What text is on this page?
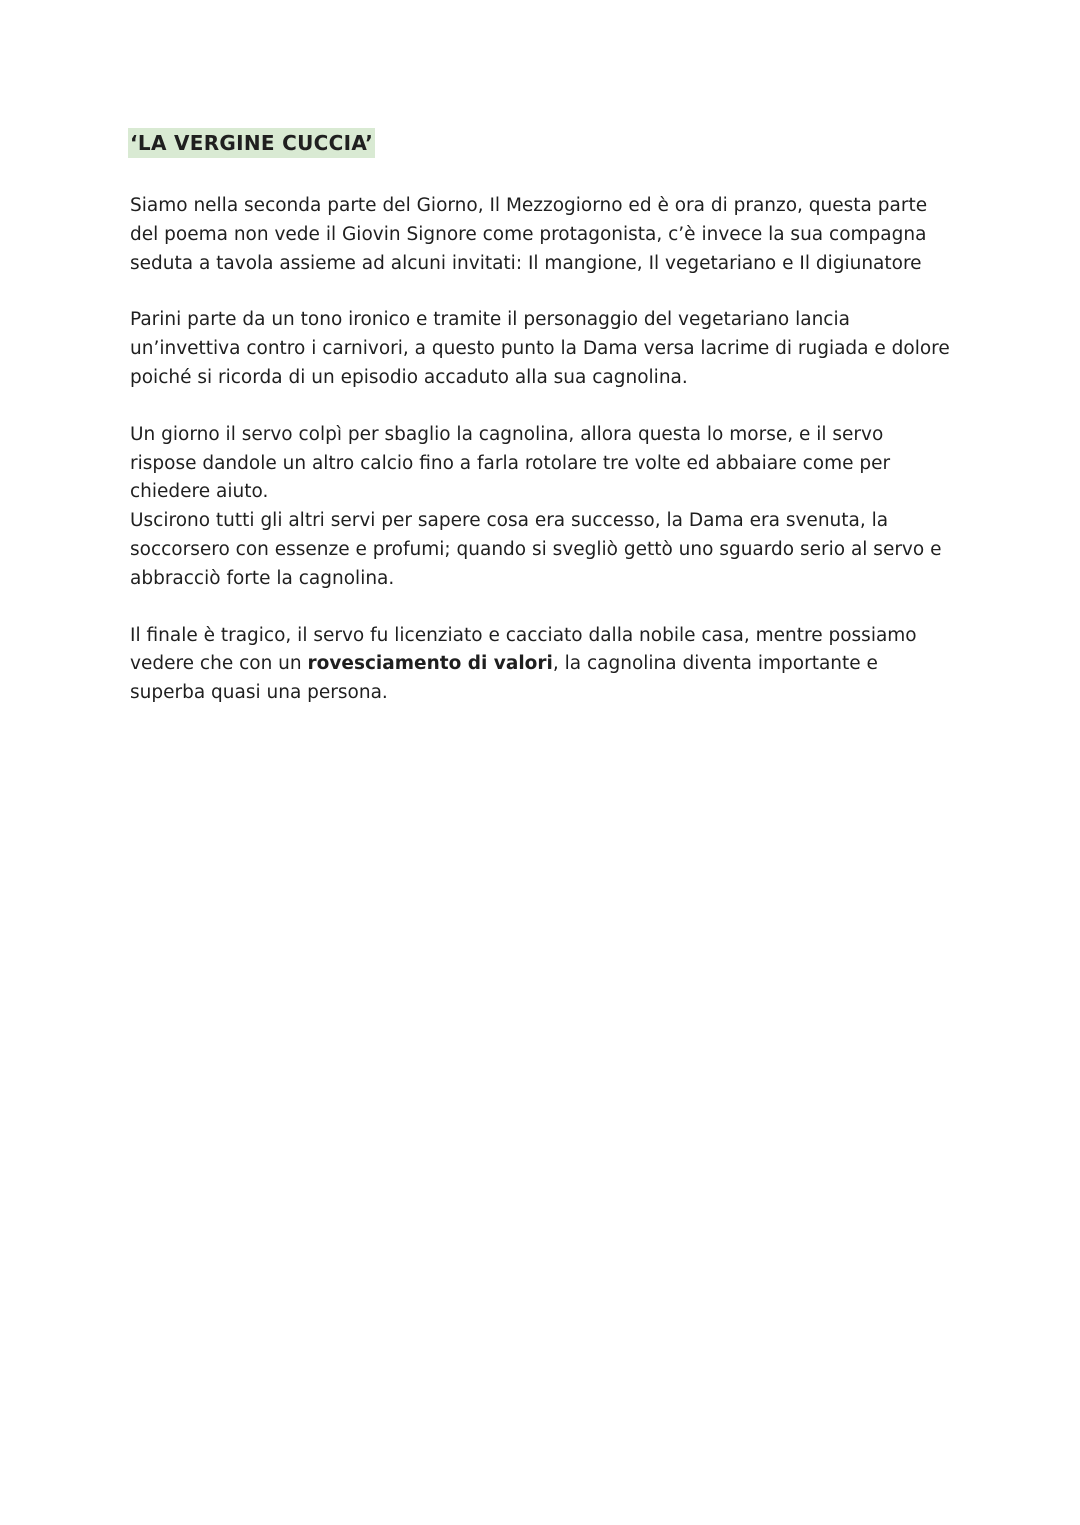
‘LA VERGINE CUCCIA’

Siamo nella seconda parte del Giorno, Il Mezzogiorno ed è ora di pranzo, questa parte del poema non vede il Giovin Signore come protagonista, c’è invece la sua compagna seduta a tavola assieme ad alcuni invitati: Il mangione, Il vegetariano e Il digiunatore

Parini parte da un tono ironico e tramite il personaggio del vegetariano lancia un’invettiva contro i carnivori, a questo punto la Dama versa lacrime di rugiada e dolore poiché si ricorda di un episodio accaduto alla sua cagnolina.

Un giorno il servo colpì per sbaglio la cagnolina, allora questa lo morse, e il servo rispose dandole un altro calcio fino a farla rotolare tre volte ed abbaiare come per chiedere aiuto.

Uscirono tutti gli altri servi per sapere cosa era successo, la Dama era svenuta, la soccorsero con essenze e profumi; quando si svegliò gettò uno sguardo serio al servo e abbracciò forte la cagnolina.

Il finale è tragico, il servo fu licenziato e cacciato dalla nobile casa, mentre possiamo vedere che con un rovesciamento di valori, la cagnolina diventa importante e superba quasi una persona.
